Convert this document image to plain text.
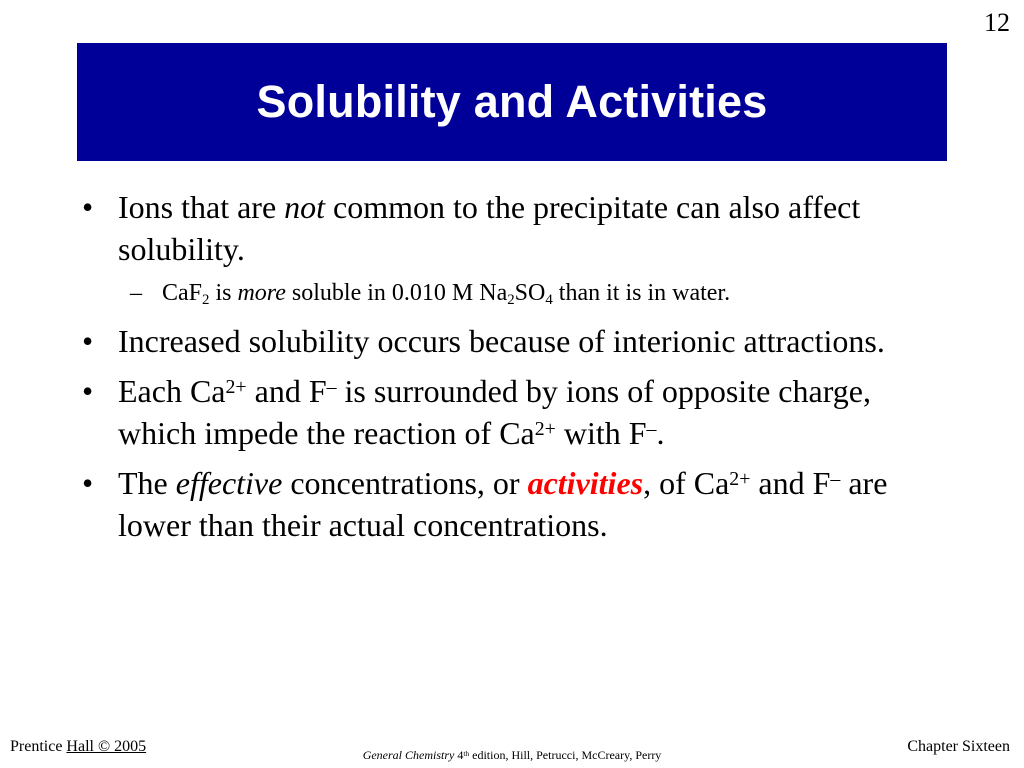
12
Solubility and Activities
• Ions that are not common to the precipitate can also affect solubility.
– CaF$_2$ is more soluble in 0.010 M $Na_2SO_4$ than it is in water.
• Increased solubility occurs because of interionic attractions.
• Each $Ca^{2+}$ and F– is surrounded by ions of opposite charge, which impede the reaction of $Ca^{2+}$ with F–.
• The effective concentrations, or activities, of $Ca^{2+}$ and F– are lower than their actual concentrations.
Prentice Hall © 2005	General Chemistry 4th edition, Hill, Petrucci, McCreary, Perry	Chapter Sixteen
